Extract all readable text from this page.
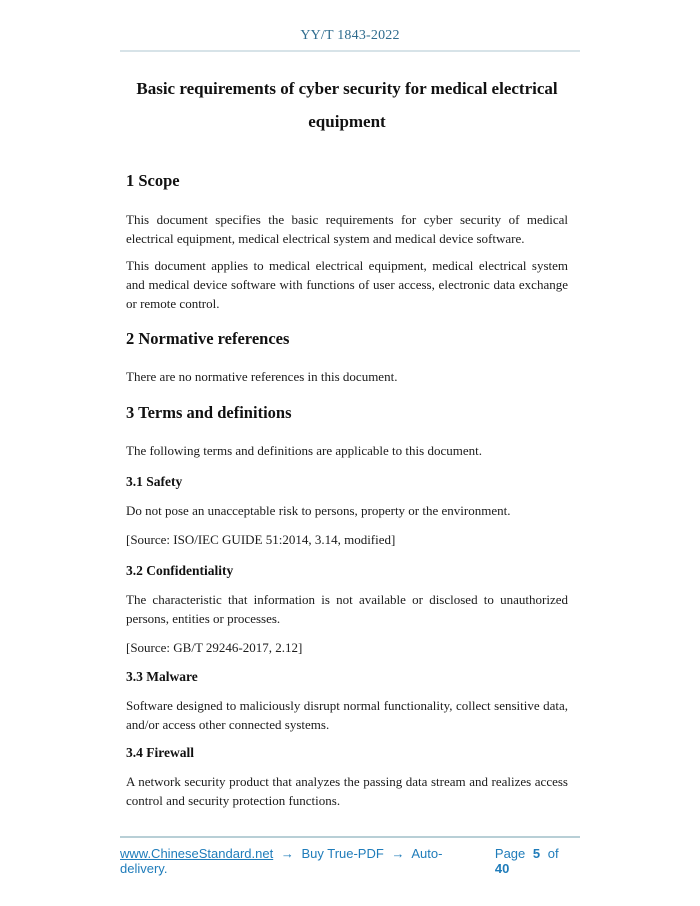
YY/T 1843-2022
Basic requirements of cyber security for medical electrical
equipment
1 Scope

This document specifies the basic requirements for cyber security of medical electrical equipment, medical electrical system and medical device software.

This document applies to medical electrical equipment, medical electrical system and medical device software with functions of user access, electronic data exchange or remote control.

2 Normative references

There are no normative references in this document.

3 Terms and definitions

The following terms and definitions are applicable to this document.

3.1 Safety

Do not pose an unacceptable risk to persons, property or the environment.

[Source: ISO/IEC GUIDE 51:2014, 3.14, modified]

3.2 Confidentiality

The characteristic that information is not available or disclosed to unauthorized persons, entities or processes.

[Source: GB/T 29246-2017, 2.12]

3.3 Malware

Software designed to maliciously disrupt normal functionality, collect sensitive data, and/or access other connected systems.

3.4 Firewall

A network security product that analyzes the passing data stream and realizes access control and security protection functions.

www.ChineseStandard.net → Buy True-PDF → Auto-delivery.
Page 5 of 40
